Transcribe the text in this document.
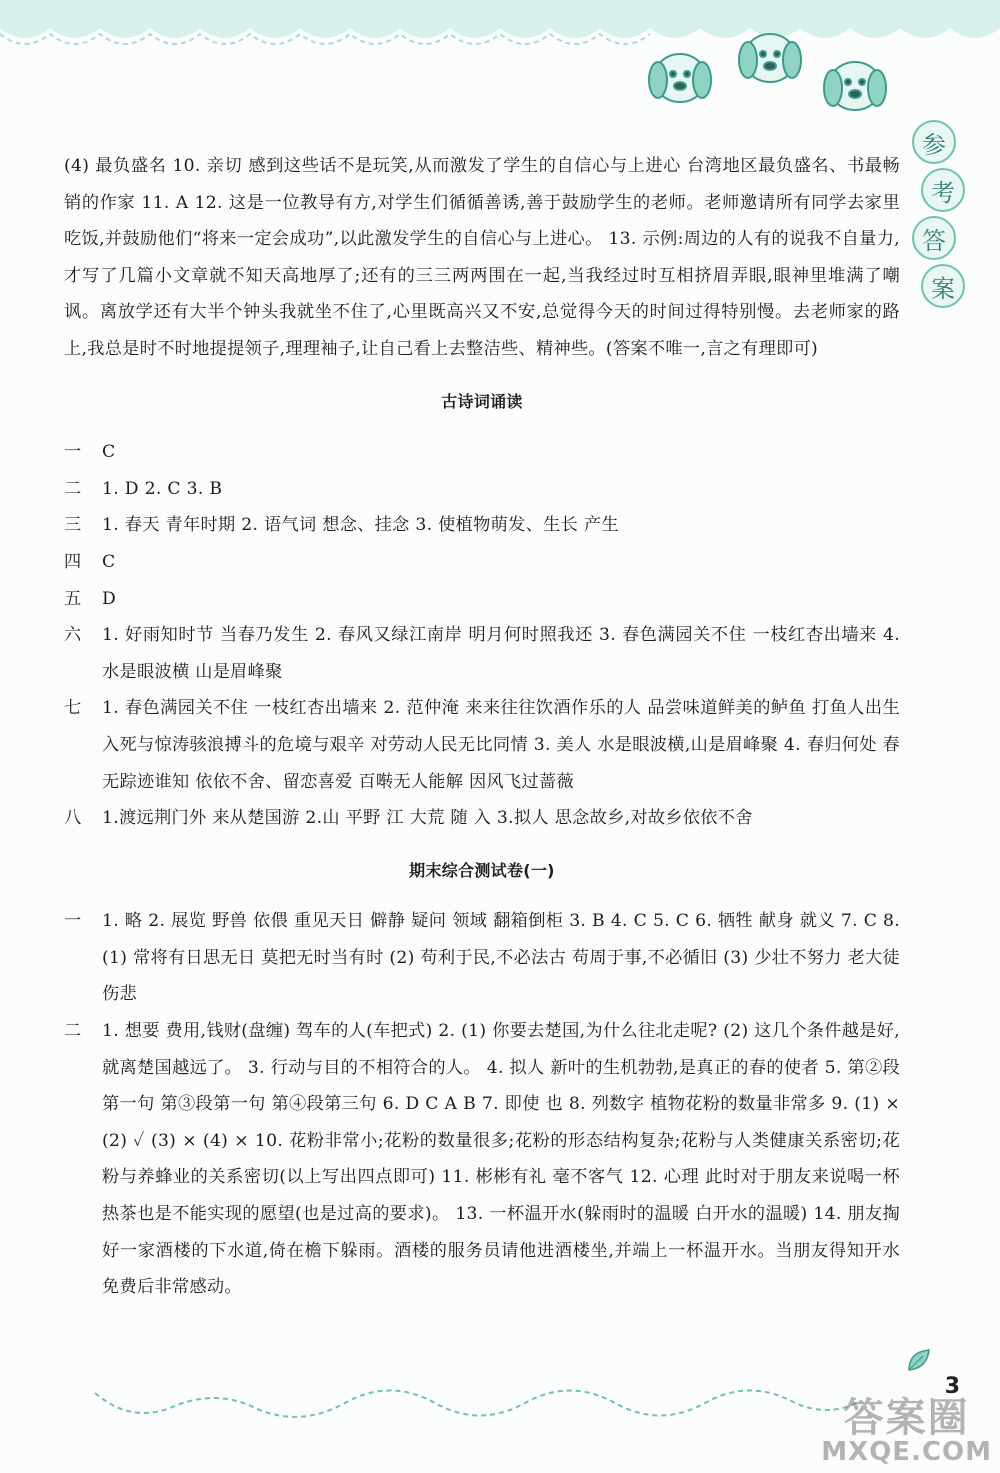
参
考
答
案

(4) 最负盛名 10. 亲切 感到这些话不是玩笑,从而激发了学生的自信心与上进心 台湾地区最负盛名、书最畅销的作家 11. A 12. 这是一位教导有方,对学生们循循善诱,善于鼓励学生的老师。老师邀请所有同学去家里吃饭,并鼓励他们“将来一定会成功”,以此激发学生的自信心与上进心。 13. 示例:周边的人有的说我不自量力,才写了几篇小文章就不知天高地厚了;还有的三三两两围在一起,当我经过时互相挤眉弄眼,眼神里堆满了嘲讽。离放学还有大半个钟头我就坐不住了,心里既高兴又不安,总觉得今天的时间过得特别慢。去老师家的路上,我总是时不时地提提领子,理理袖子,让自己看上去整洁些、精神些。(答案不唯一,言之有理即可)

古诗词诵读
一	C
二	1. D 2. C 3. B
三	1. 春天 青年时期 2. 语气词 想念、挂念 3. 使植物萌发、生长 产生
四	C
五	D
六	1. 好雨知时节 当春乃发生 2. 春风又绿江南岸 明月何时照我还 3. 春色满园关不住 一枝红杏出墙来 4. 水是眼波横 山是眉峰聚
七	1. 春色满园关不住 一枝红杏出墙来 2. 范仲淹 来来往往饮酒作乐的人 品尝味道鲜美的鲈鱼 打鱼人出生入死与惊涛骇浪搏斗的危境与艰辛 对劳动人民无比同情 3. 美人 水是眼波横,山是眉峰聚 4. 春归何处 春无踪迹谁知 依依不舍、留恋喜爱 百啭无人能解 因风飞过蔷薇
八	1.渡远荆门外 来从楚国游 2.山 平野 江 大荒 随 入 3.拟人 思念故乡,对故乡依依不舍
期末综合测试卷(一)
一	1. 略 2. 展览 野兽 依偎 重见天日 僻静 疑问 领域 翻箱倒柜 3. B 4. C 5. C 6. 牺牲 献身 就义 7. C 8. (1) 常将有日思无日 莫把无时当有时 (2) 苟利于民,不必法古 苟周于事,不必循旧 (3) 少壮不努力 老大徒伤悲
二	1. 想要 费用,钱财(盘缠) 驾车的人(车把式) 2. (1) 你要去楚国,为什么往北走呢? (2) 这几个条件越是好,就离楚国越远了。 3. 行动与目的不相符合的人。 4. 拟人 新叶的生机勃勃,是真正的春的使者 5. 第②段第一句 第③段第一句 第④段第三句 6. D C A B 7. 即使 也 8. 列数字 植物花粉的数量非常多 9. (1) × (2) ✓ (3) × (4) × 10. 花粉非常小;花粉的数量很多;花粉的形态结构复杂;花粉与人类健康关系密切;花粉与养蜂业的关系密切(以上写出四点即可) 11. 彬彬有礼 毫不客气 12. 心理 此时对于朋友来说喝一杯热茶也是不能实现的愿望(也是过高的要求)。 13. 一杯温开水(躲雨时的温暖 白开水的温暖) 14. 朋友掏好一家酒楼的下水道,倚在檐下躲雨。酒楼的服务员请他进酒楼坐,并端上一杯温开水。当朋友得知开水免费后非常感动。
3
答案圈
MXQE.COM
